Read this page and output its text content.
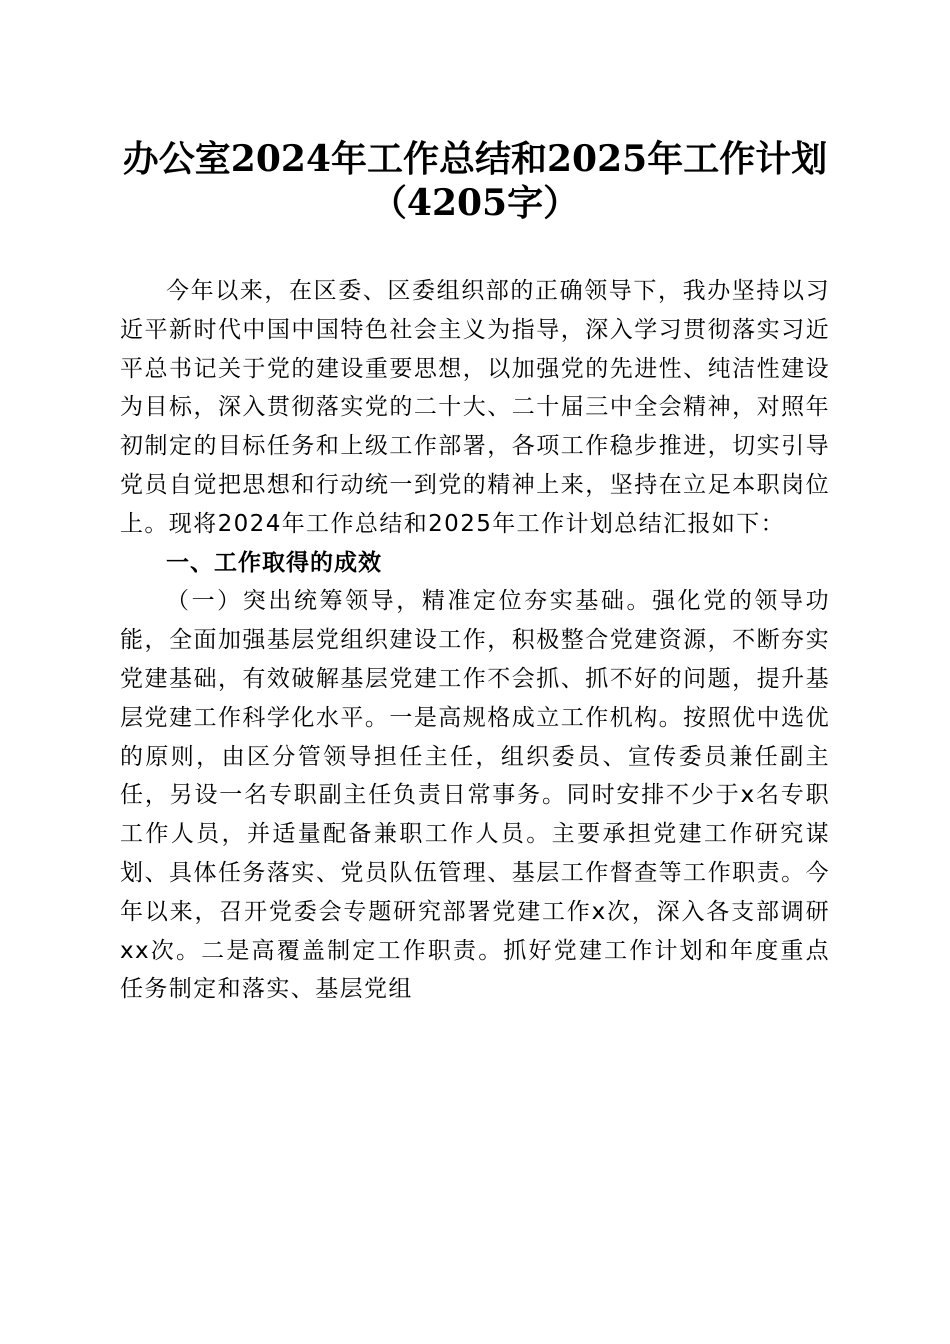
办公室2024年工作总结和2025年工作计划
（4205字）

今年以来，在区委、区委组织部的正确领导下，我办坚持以习近平新时代中国中国特色社会主义为指导，深入学习贯彻落实习近平总书记关于党的建设重要思想，以加强党的先进性、纯洁性建设为目标，深入贯彻落实党的二十大、二十届三中全会精神，对照年初制定的目标任务和上级工作部署，各项工作稳步推进，切实引导党员自觉把思想和行动统一到党的精神上来，坚持在立足本职岗位上。现将2024年工作总结和2025年工作计划总结汇报如下：

一、工作取得的成效

（一）突出统筹领导，精准定位夯实基础。强化党的领导功能，全面加强基层党组织建设工作，积极整合党建资源，不断夯实党建基础，有效破解基层党建工作不会抓、抓不好的问题，提升基层党建工作科学化水平。一是高规格成立工作机构。按照优中选优的原则，由区分管领导担任主任，组织委员、宣传委员兼任副主任，另设一名专职副主任负责日常事务。同时安排不少于x名专职工作人员，并适量配备兼职工作人员。主要承担党建工作研究谋划、具体任务落实、党员队伍管理、基层工作督查等工作职责。今年以来，召开党委会专题研究部署党建工作x次，深入各支部调研xx次。二是高覆盖制定工作职责。抓好党建工作计划和年度重点任务制定和落实、基层党组
